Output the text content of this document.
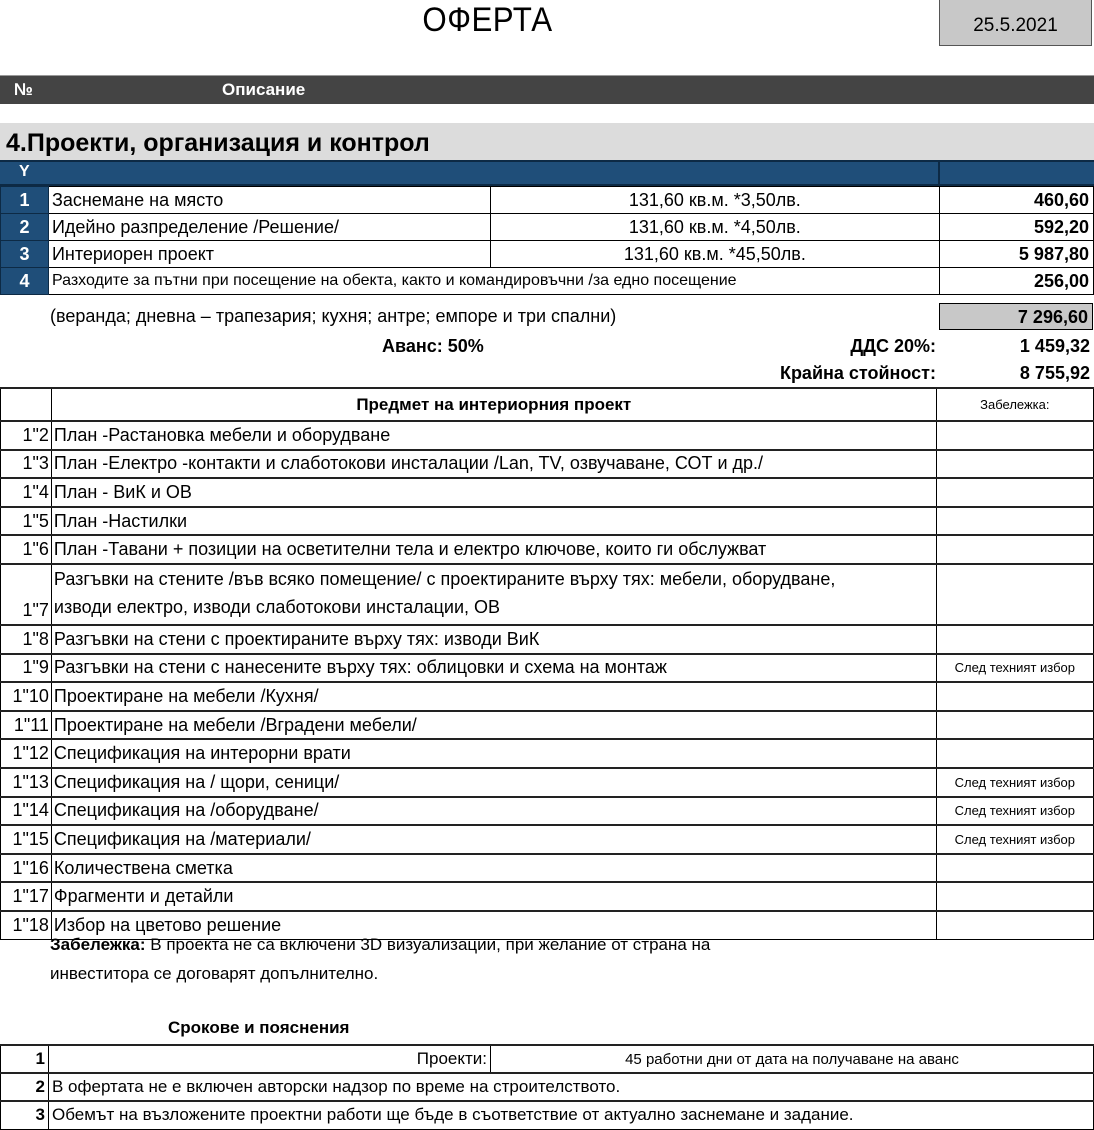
ОФЕРТА	25.5.2021
№	Описание
4.Проекти, организация и контрол
Y
1	Заснемане на място	131,60 кв.м. *3,50лв.	460,60
2	Идейно разпределение /Решение/	131,60 кв.м. *4,50лв.	592,20
3	Интериорен проект	131,60 кв.м. *45,50лв.	5 987,80
4	Разходите за пътни при посещение на обекта, както и командировъчни /за едно посещение		256,00
(веранда; дневна – трапезария; кухня; антре; емпоре и три спални)	7 296,60
Аванс: 50%	ДДС 20%:	1 459,32
Крайна стойност:	8 755,92
	Предмет на интериорния проект	Забележка:
1"2	План -Растановка мебели и оборудване	
1"3	План -Електро -контакти и слаботокови инсталации /Lan, TV, озвучаване, СОТ и др./	
1"4	План - ВиК и ОВ	
1"5	План -Настилки	
1"6	План -Тавани + позиции на осветителни тела и електро ключове, които ги обслужват	
1"7	Разгъвки на стените /във всяко помещение/ с проектираните върху тях: мебели, оборудване,
изводи електро, изводи слаботокови инсталации, ОВ	

1"8	Разгъвки на стени с проектираните върху тях: изводи ВиК	
1"9	Разгъвки на стени с нанесените върху тях: облицовки и схема на монтаж	След техният избор
1"10	Проектиране на мебели /Кухня/	
1"11	Проектиране на мебели /Вградени мебели/	
1"12	Спецификация на интерорни врати	
1"13	Спецификация на / щори, сеници/	След техният избор
1"14	Спецификация на /оборудване/	След техният избор
1"15	Спецификация на /материали/	След техният избор
1"16	Количествена сметка	
1"17	Фрагменти и детайли	
1"18	Избор на цветово решение	
Забележка: В проекта не са включени 3D визуализации, при желание от страна на
инвеститора се договарят допълнително.
Срокове и пояснения
1	Проекти:	45 работни дни от дата на получаване на аванс
2	В офертата не е включен авторски надзор по време на строителството.	
3	Обемът на възложените проектни работи ще бъде в съответствие от актуално заснемане и задание.	
